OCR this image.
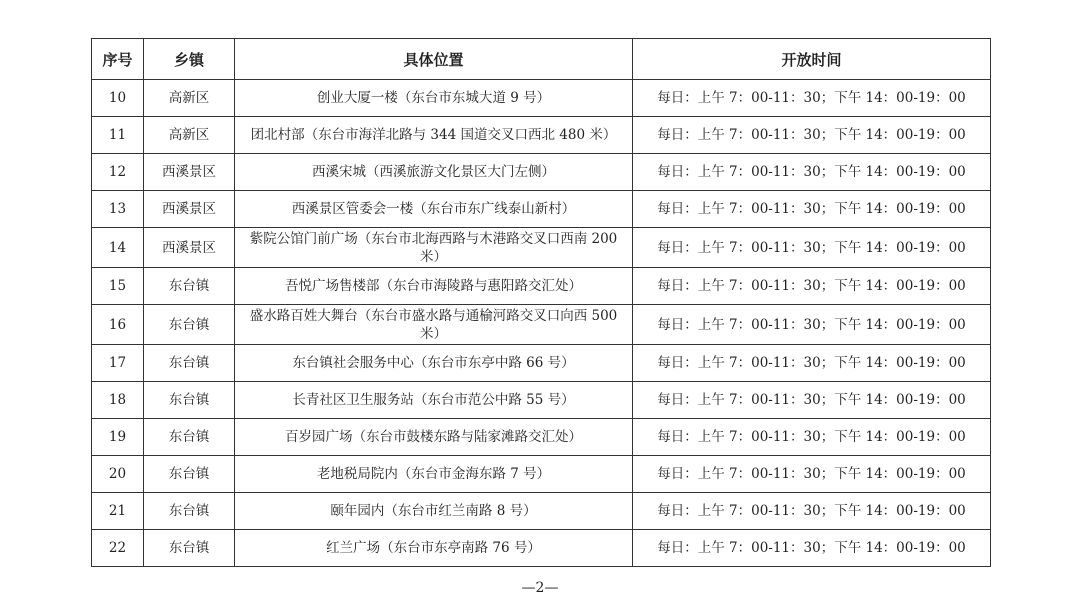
序号	乡镇	具体位置	开放时间
10	高新区	创业大厦一楼（东台市东城大道 9 号）	每日：上午 7：00-11：30；下午 14：00-19：00
11	高新区	团北村部（东台市海洋北路与 344 国道交叉口西北 480 米）	每日：上午 7：00-11：30；下午 14：00-19：00
12	西溪景区	西溪宋城（西溪旅游文化景区大门左侧）	每日：上午 7：00-11：30；下午 14：00-19：00
13	西溪景区	西溪景区管委会一楼（东台市东广线泰山新村）	每日：上午 7：00-11：30；下午 14：00-19：00
14	西溪景区	紫院公馆门前广场（东台市北海西路与木港路交叉口西南 200 米）	每日：上午 7：00-11：30；下午 14：00-19：00
15	东台镇	吾悦广场售楼部（东台市海陵路与惠阳路交汇处）	每日：上午 7：00-11：30；下午 14：00-19：00
16	东台镇	盛水路百姓大舞台（东台市盛水路与通榆河路交叉口向西 500 米）	每日：上午 7：00-11：30；下午 14：00-19：00
17	东台镇	东台镇社会服务中心（东台市东亭中路 66 号）	每日：上午 7：00-11：30；下午 14：00-19：00
18	东台镇	长青社区卫生服务站（东台市范公中路 55 号）	每日：上午 7：00-11：30；下午 14：00-19：00
19	东台镇	百岁园广场（东台市鼓楼东路与陆家滩路交汇处）	每日：上午 7：00-11：30；下午 14：00-19：00
20	东台镇	老地税局院内（东台市金海东路 7 号）	每日：上午 7：00-11：30；下午 14：00-19：00
21	东台镇	颐年园内（东台市红兰南路 8 号）	每日：上午 7：00-11：30；下午 14：00-19：00
22	东台镇	红兰广场（东台市东亭南路 76 号）	每日：上午 7：00-11：30；下午 14：00-19：00
—2—
